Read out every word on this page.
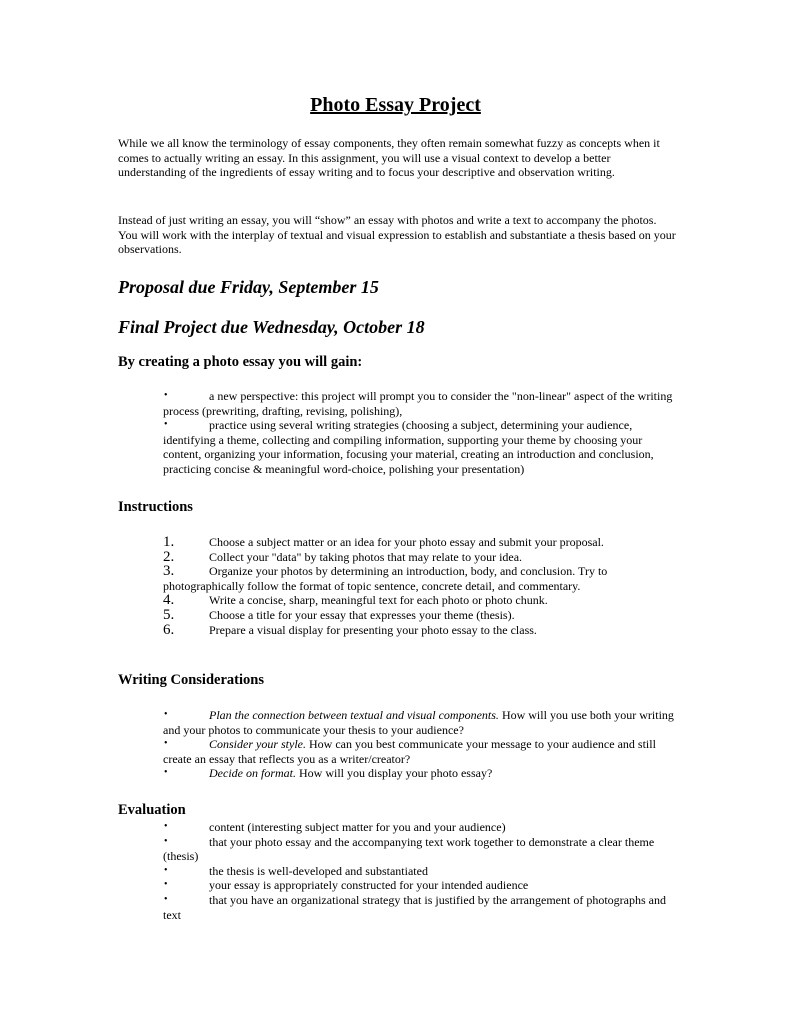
Photo Essay Project
While we all know the terminology of essay components, they often remain somewhat fuzzy as concepts when it comes to actually writing an essay. In this assignment, you will use a visual context to develop a better understanding of the ingredients of essay writing and to focus your descriptive and observation writing.
Instead of just writing an essay, you will “show” an essay with photos and write a text to accompany the photos. You will work with the interplay of textual and visual expression to establish and substantiate a thesis based on your observations.
Proposal due Friday, September 15
Final Project due Wednesday, October 18
By creating a photo essay you will gain:
•	a new perspective: this project will prompt you to consider the "non-linear" aspect of the writing process (prewriting, drafting, revising, polishing),
•	practice using several writing strategies (choosing a subject, determining your audience, identifying a theme, collecting and compiling information, supporting your theme by choosing your content, organizing your information, focusing your material, creating an introduction and conclusion, practicing concise & meaningful word-choice, polishing your presentation)
Instructions
1.	Choose a subject matter or an idea for your photo essay and submit your proposal.
2.	Collect your "data" by taking photos that may relate to your idea.
3.	Organize your photos by determining an introduction, body, and conclusion. Try to photographically follow the format of topic sentence, concrete detail, and commentary.
4.	Write a concise, sharp, meaningful text for each photo or photo chunk.
5.	Choose a title for your essay that expresses your theme (thesis).
6.	Prepare a visual display for presenting your photo essay to the class.
Writing Considerations
•	Plan the connection between textual and visual components. How will you use both your writing and your photos to communicate your thesis to your audience?
•	Consider your style. How can you best communicate your message to your audience and still create an essay that reflects you as a writer/creator?
•	Decide on format. How will you display your photo essay?
Evaluation
•	content (interesting subject matter for you and your audience)
•	that your photo essay and the accompanying text work together to demonstrate a clear theme (thesis)
•	the thesis is well-developed and substantiated
•	your essay is appropriately constructed for your intended audience
•	that you have an organizational strategy that is justified by the arrangement of photographs and text
